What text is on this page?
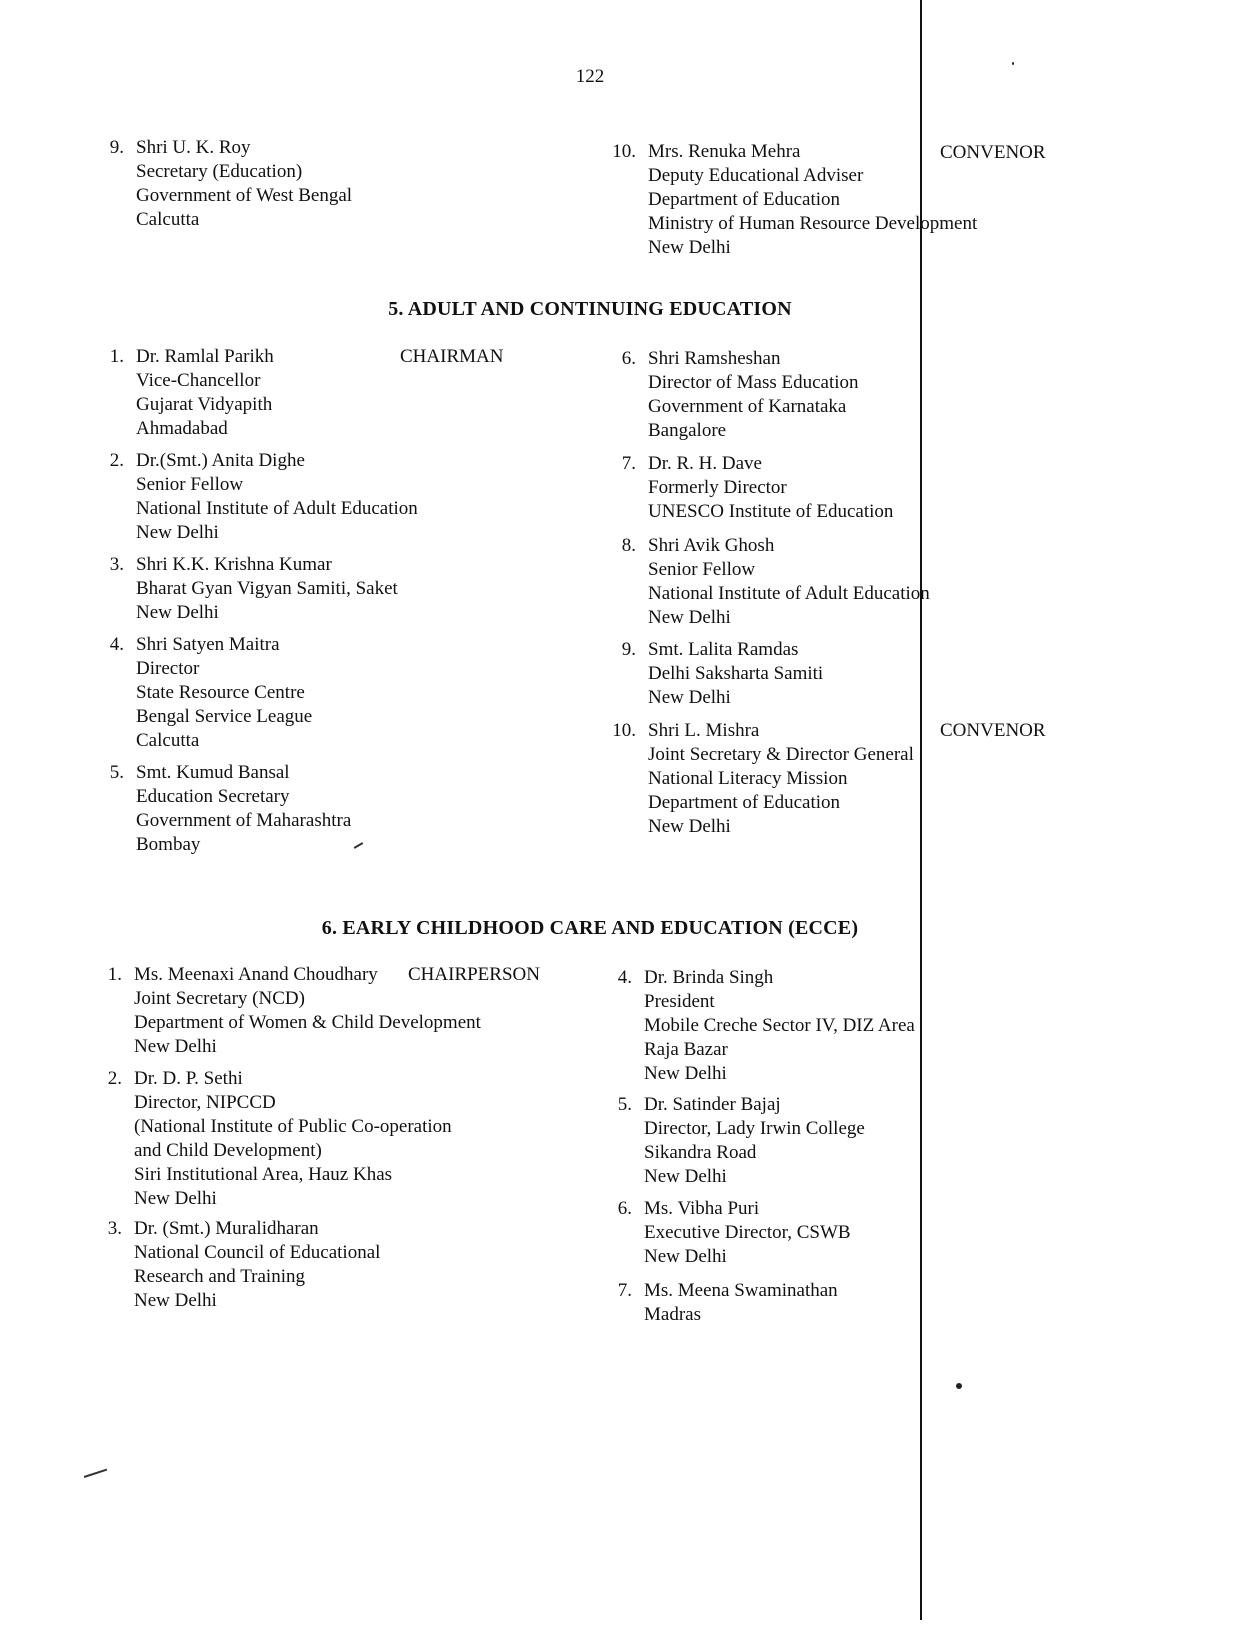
122
9. Shri U. K. Roy
Secretary (Education)
Government of West Bengal
Calcutta
10. Mrs. Renuka Mehra
Deputy Educational Adviser
Department of Education
Ministry of Human Resource Development
New Delhi
CONVENOR
5. ADULT AND CONTINUING EDUCATION
1. Dr. Ramlal Parikh
Vice-Chancellor
Gujarat Vidyapith
Ahmadabad
CHAIRMAN
2. Dr.(Smt.) Anita Dighe
Senior Fellow
National Institute of Adult Education
New Delhi
3. Shri K.K. Krishna Kumar
Bharat Gyan Vigyan Samiti, Saket
New Delhi
4. Shri Satyen Maitra
Director
State Resource Centre
Bengal Service League
Calcutta
5. Smt. Kumud Bansal
Education Secretary
Government of Maharashtra
Bombay
6. Shri Ramsheshan
Director of Mass Education
Government of Karnataka
Bangalore
7. Dr. R. H. Dave
Formerly Director
UNESCO Institute of Education
8. Shri Avik Ghosh
Senior Fellow
National Institute of Adult Education
New Delhi
9. Smt. Lalita Ramdas
Delhi Saksharta Samiti
New Delhi
10. Shri L. Mishra
Joint Secretary & Director General
National Literacy Mission
Department of Education
New Delhi
CONVENOR
6. EARLY CHILDHOOD CARE AND EDUCATION (ECCE)
1. Ms. Meenaxi Anand Choudhary
Joint Secretary (NCD)
Department of Women & Child Development
New Delhi
CHAIRPERSON
2. Dr. D. P. Sethi
Director, NIPCCD
(National Institute of Public Co-operation
and Child Development)
Siri Institutional Area, Hauz Khas
New Delhi
3. Dr. (Smt.) Muralidharan
National Council of Educational
Research and Training
New Delhi
4. Dr. Brinda Singh
President
Mobile Creche Sector IV, DIZ Area
Raja Bazar
New Delhi
5. Dr. Satinder Bajaj
Director, Lady Irwin College
Sikandra Road
New Delhi
6. Ms. Vibha Puri
Executive Director, CSWB
New Delhi
7. Ms. Meena Swaminathan
Madras
